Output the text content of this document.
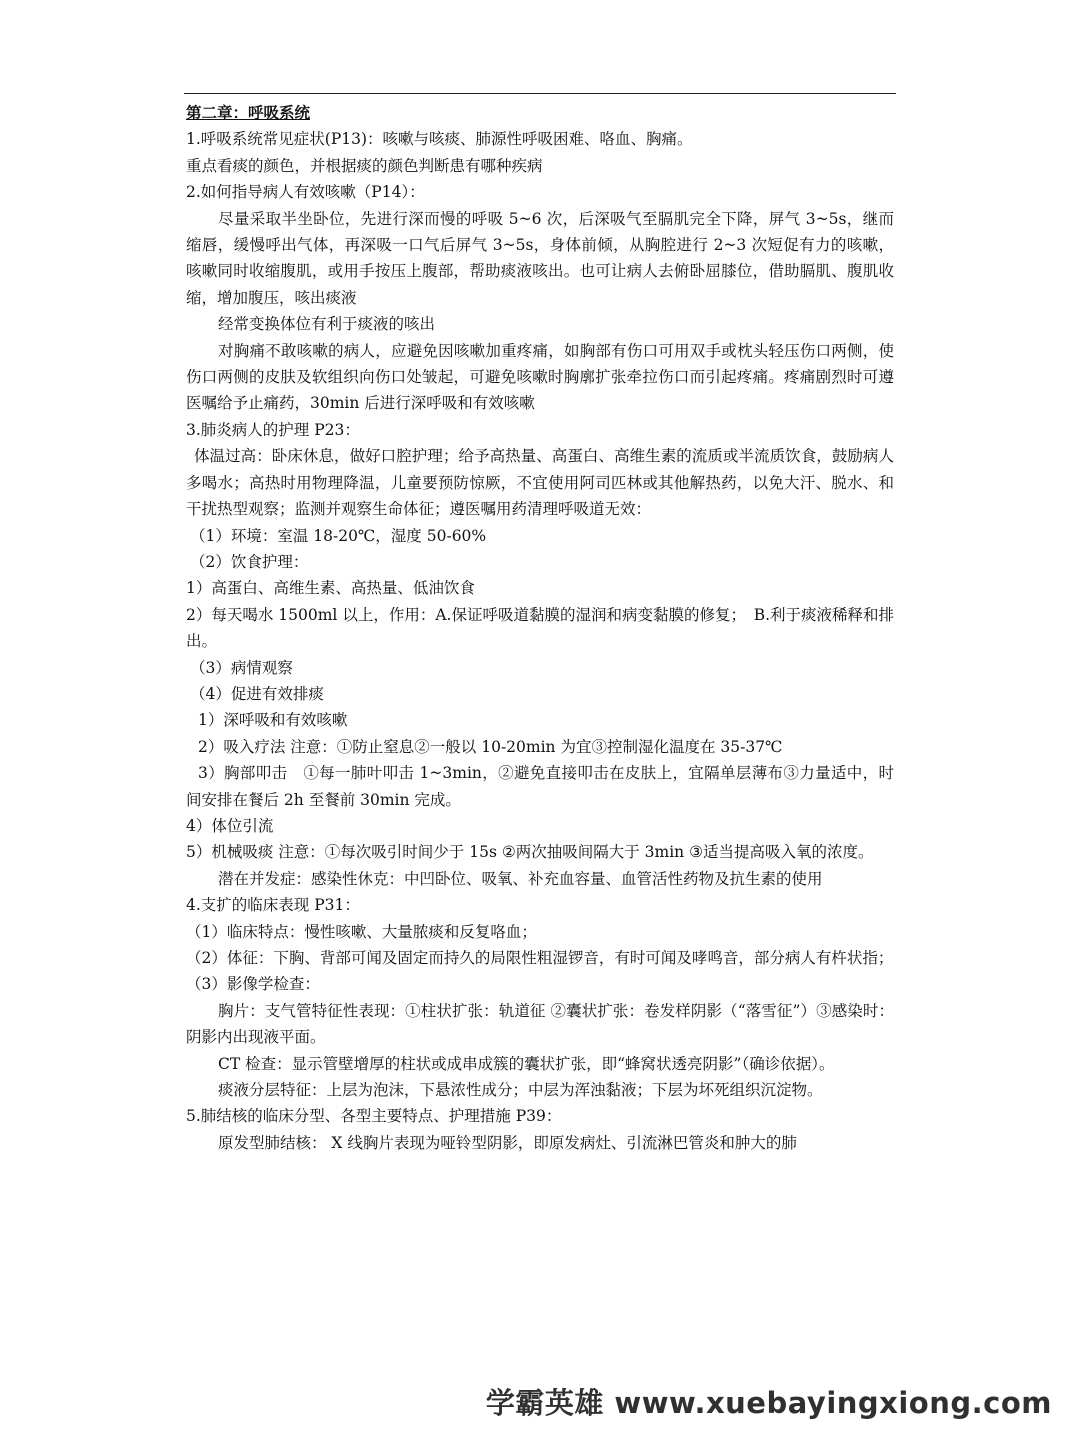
第二章：呼吸系统
1.呼吸系统常见症状(P13)：咳嗽与咳痰、肺源性呼吸困难、咯血、胸痛。
重点看痰的颜色，并根据痰的颜色判断患有哪种疾病
2.如何指导病人有效咳嗽（P14）：
尽量采取半坐卧位，先进行深而慢的呼吸 5~6 次，后深吸气至膈肌完全下降，屏气 3~5s，继而缩唇，缓慢呼出气体，再深吸一口气后屏气 3~5s，身体前倾，从胸腔进行 2~3 次短促有力的咳嗽，咳嗽同时收缩腹肌，或用手按压上腹部，帮助痰液咳出。也可让病人去俯卧屈膝位，借助膈肌、腹肌收缩，增加腹压，咳出痰液
经常变换体位有利于痰液的咳出
对胸痛不敢咳嗽的病人，应避免因咳嗽加重疼痛，如胸部有伤口可用双手或枕头轻压伤口两侧，使伤口两侧的皮肤及软组织向伤口处皱起，可避免咳嗽时胸廓扩张牵拉伤口而引起疼痛。疼痛剧烈时可遵医嘱给予止痛药，30min 后进行深呼吸和有效咳嗽
3.肺炎病人的护理 P23：
体温过高：卧床休息，做好口腔护理；给予高热量、高蛋白、高维生素的流质或半流质饮食，鼓励病人多喝水；高热时用物理降温，儿童要预防惊厥，不宜使用阿司匹林或其他解热药，以免大汗、脱水、和干扰热型观察；监测并观察生命体征；遵医嘱用药清理呼吸道无效：
（1）环境：室温 18-20℃，湿度 50-60%
（2）饮食护理：
1）高蛋白、高维生素、高热量、低油饮食
2）每天喝水 1500ml 以上，作用：A.保证呼吸道黏膜的湿润和病变黏膜的修复；　B.利于痰液稀释和排出。
（3）病情观察
（4）促进有效排痰
1）深呼吸和有效咳嗽
2）吸入疗法 注意：①防止窒息②一般以 10-20min 为宜③控制湿化温度在 35-37℃
3）胸部叩击　①每一肺叶叩击 1~3min，②避免直接叩击在皮肤上，宜隔单层薄布③力量适中，时间安排在餐后 2h 至餐前 30min 完成。
4）体位引流
5）机械吸痰 注意：①每次吸引时间少于 15s ②两次抽吸间隔大于 3min ③适当提高吸入氧的浓度。
潜在并发症：感染性休克：中凹卧位、吸氧、补充血容量、血管活性药物及抗生素的使用
4.支扩的临床表现 P31：
（1）临床特点：慢性咳嗽、大量脓痰和反复咯血；
（2）体征：下胸、背部可闻及固定而持久的局限性粗湿锣音，有时可闻及哮鸣音，部分病人有杵状指；
（3）影像学检查：
胸片：支气管特征性表现：①柱状扩张：轨道征 ②囊状扩张：卷发样阴影（“落雪征”）③感染时：阴影内出现液平面。
CT 检查：显示管壁增厚的柱状或成串成簇的囊状扩张，即“蜂窝状透亮阴影”（确诊依据）。
痰液分层特征：上层为泡沫，下悬浓性成分；中层为浑浊黏液；下层为坏死组织沉淀物。
5.肺结核的临床分型、各型主要特点、护理措施 P39：
原发型肺结核： X 线胸片表现为哑铃型阴影，即原发病灶、引流淋巴管炎和肿大的肺
学霸英雄 www.xuebayingxiong.com
